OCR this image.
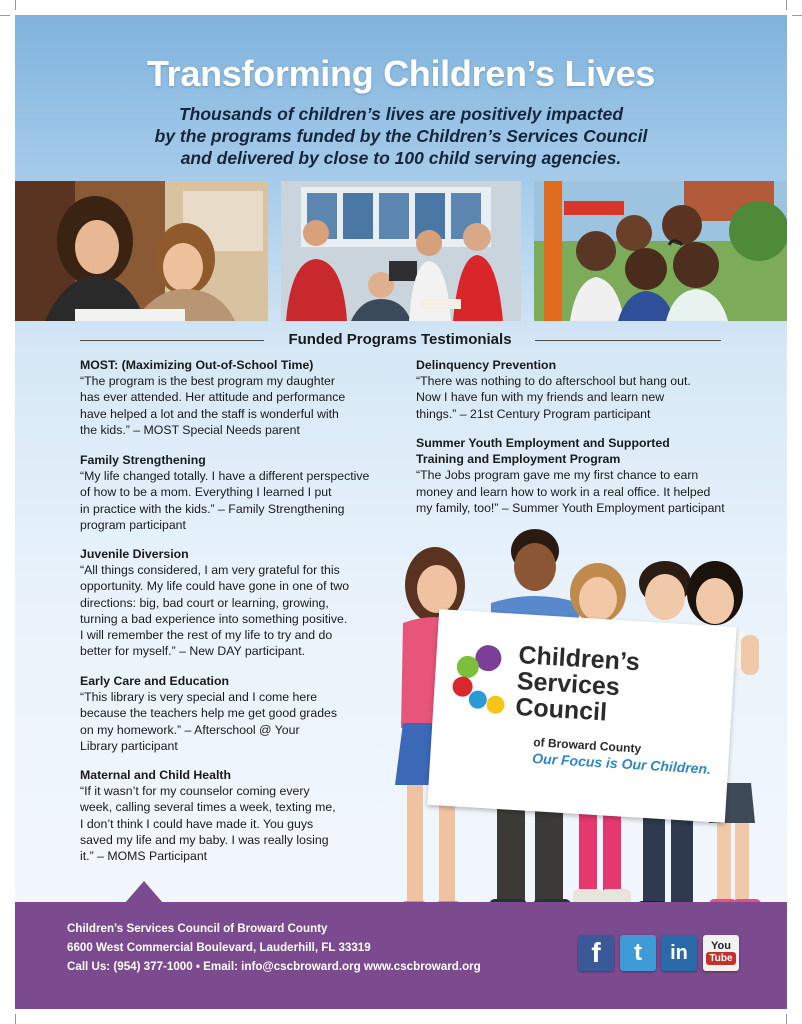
Transforming Children’s Lives
Thousands of children’s lives are positively impacted
by the programs funded by the Children’s Services Council
and delivered by close to 100 child serving agencies.
Funded Programs Testimonials
MOST: (Maximizing Out-of-School Time)
“The program is the best program my daughter
has ever attended. Her attitude and performance
have helped a lot and the staff is wonderful with
the kids.” – MOST Special Needs parent
Family Strengthening
“My life changed totally. I have a different perspective
of how to be a mom. Everything I learned I put
in practice with the kids.” – Family Strengthening
program participant
Juvenile Diversion
“All things considered, I am very grateful for this
opportunity. My life could have gone in one of two
directions: big, bad court or learning, growing,
turning a bad experience into something positive.
I will remember the rest of my life to try and do
better for myself.” – New DAY participant.
Early Care and Education
“This library is very special and I come here
because the teachers help me get good grades
on my homework.” – Afterschool @ Your
Library participant
Maternal and Child Health
“If it wasn’t for my counselor coming every
week, calling several times a week, texting me,
I don’t think I could have made it. You guys
saved my life and my baby. I was really losing
it.” – MOMS Participant
Delinquency Prevention
“There was nothing to do afterschool but hang out.
Now I have fun with my friends and learn new
things.” – 21st Century Program participant
Summer Youth Employment and Supported
Training and Employment Program
“The Jobs program gave me my first chance to earn
money and learn how to work in a real office. It helped
my family, too!” – Summer Youth Employment participant
Children’s
Services
Council
of Broward County
Our Focus is Our Children.
Children’s Services Council of Broward County
6600 West Commercial Boulevard, Lauderhill, FL 33319
Call Us: (954) 377-1000 • Email: info@cscbroward.org www.cscbroward.org	f t in You
Tube
